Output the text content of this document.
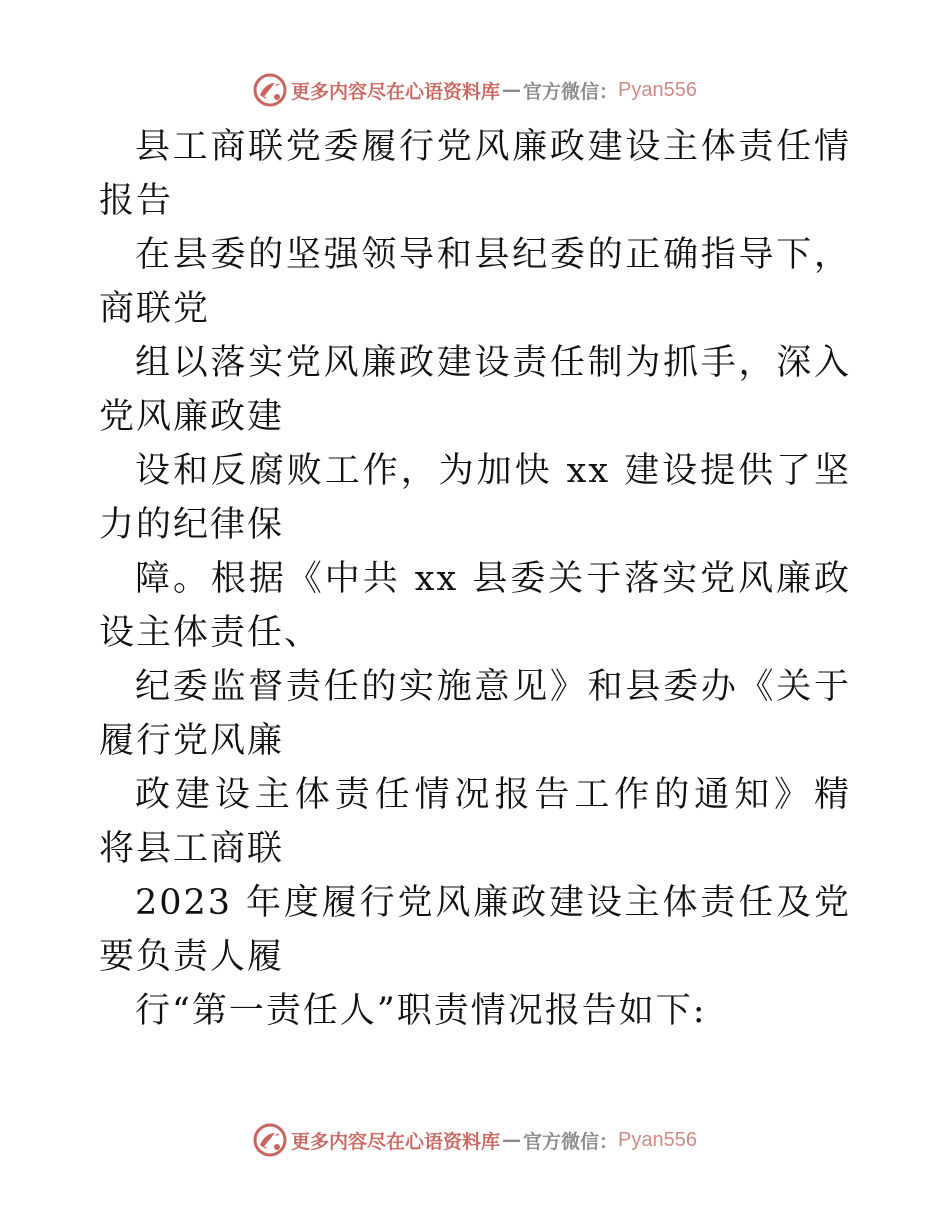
更多内容尽在心语资料库 — 官方微信： Pyan556
县工商联党委履行党风廉政建设主体责任情
报告
在县委的坚强领导和县纪委的正确指导下，
商联党
组以落实党风廉政建设责任制为抓手，深入
党风廉政建
设和反腐败工作，为加快 xx 建设提供了坚
力的纪律保
障。根据《中共 xx 县委关于落实党风廉政
设主体责任、
纪委监督责任的实施意见》和县委办《关于
履行党风廉
政建设主体责任情况报告工作的通知》精
将县工商联
2023 年度履行党风廉政建设主体责任及党
要负责人履
行“第一责任人”职责情况报告如下:
更多内容尽在心语资料库 — 官方微信： Pyan556
